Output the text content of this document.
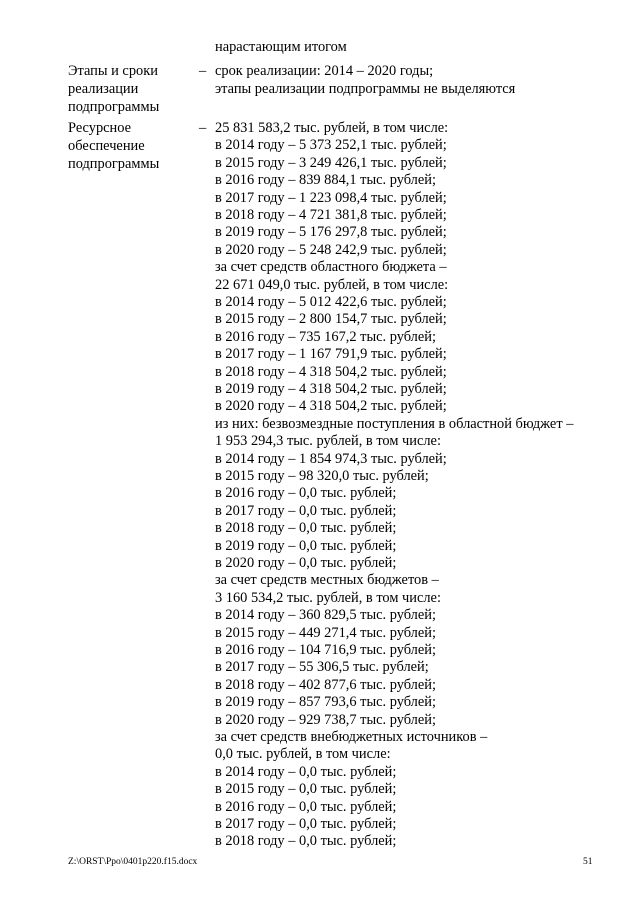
нарастающим итогом
Этапы и сроки
реализации
подпрограммы
– срок реализации: 2014 – 2020 годы;
этапы реализации подпрограммы не выделяются
Ресурсное
обеспечение
подпрограммы
– 25 831 583,2 тыс. рублей, в том числе:
в 2014 году – 5 373 252,1 тыс. рублей;
в 2015 году – 3 249 426,1 тыс. рублей;
в 2016 году – 839 884,1 тыс. рублей;
в 2017 году – 1 223 098,4 тыс. рублей;
в 2018 году – 4 721 381,8 тыс. рублей;
в 2019 году – 5 176 297,8 тыс. рублей;
в 2020 году – 5 248 242,9 тыс. рублей;
за счет средств областного бюджета –
22 671 049,0 тыс. рублей, в том числе:
в 2014 году – 5 012 422,6 тыс. рублей;
в 2015 году – 2 800 154,7 тыс. рублей;
в 2016 году – 735 167,2 тыс. рублей;
в 2017 году – 1 167 791,9 тыс. рублей;
в 2018 году – 4 318 504,2 тыс. рублей;
в 2019 году – 4 318 504,2 тыс. рублей;
в 2020 году – 4 318 504,2 тыс. рублей;
из них: безвозмездные поступления в областной бюджет –
1 953 294,3 тыс. рублей, в том числе:
в 2014 году – 1 854 974,3 тыс. рублей;
в 2015 году – 98 320,0 тыс. рублей;
в 2016 году – 0,0 тыс. рублей;
в 2017 году – 0,0 тыс. рублей;
в 2018 году – 0,0 тыс. рублей;
в 2019 году – 0,0 тыс. рублей;
в 2020 году – 0,0 тыс. рублей;
за счет средств местных бюджетов –
3 160 534,2 тыс. рублей, в том числе:
в 2014 году – 360 829,5 тыс. рублей;
в 2015 году – 449 271,4 тыс. рублей;
в 2016 году – 104 716,9 тыс. рублей;
в 2017 году – 55 306,5 тыс. рублей;
в 2018 году – 402 877,6 тыс. рублей;
в 2019 году – 857 793,6 тыс. рублей;
в 2020 году – 929 738,7 тыс. рублей;
за счет средств внебюджетных источников –
0,0 тыс. рублей, в том числе:
в 2014 году – 0,0 тыс. рублей;
в 2015 году – 0,0 тыс. рублей;
в 2016 году – 0,0 тыс. рублей;
в 2017 году – 0,0 тыс. рублей;
в 2018 году – 0,0 тыс. рублей;
Z:\ORST\Ppo\0401p220.f15.docx	51
